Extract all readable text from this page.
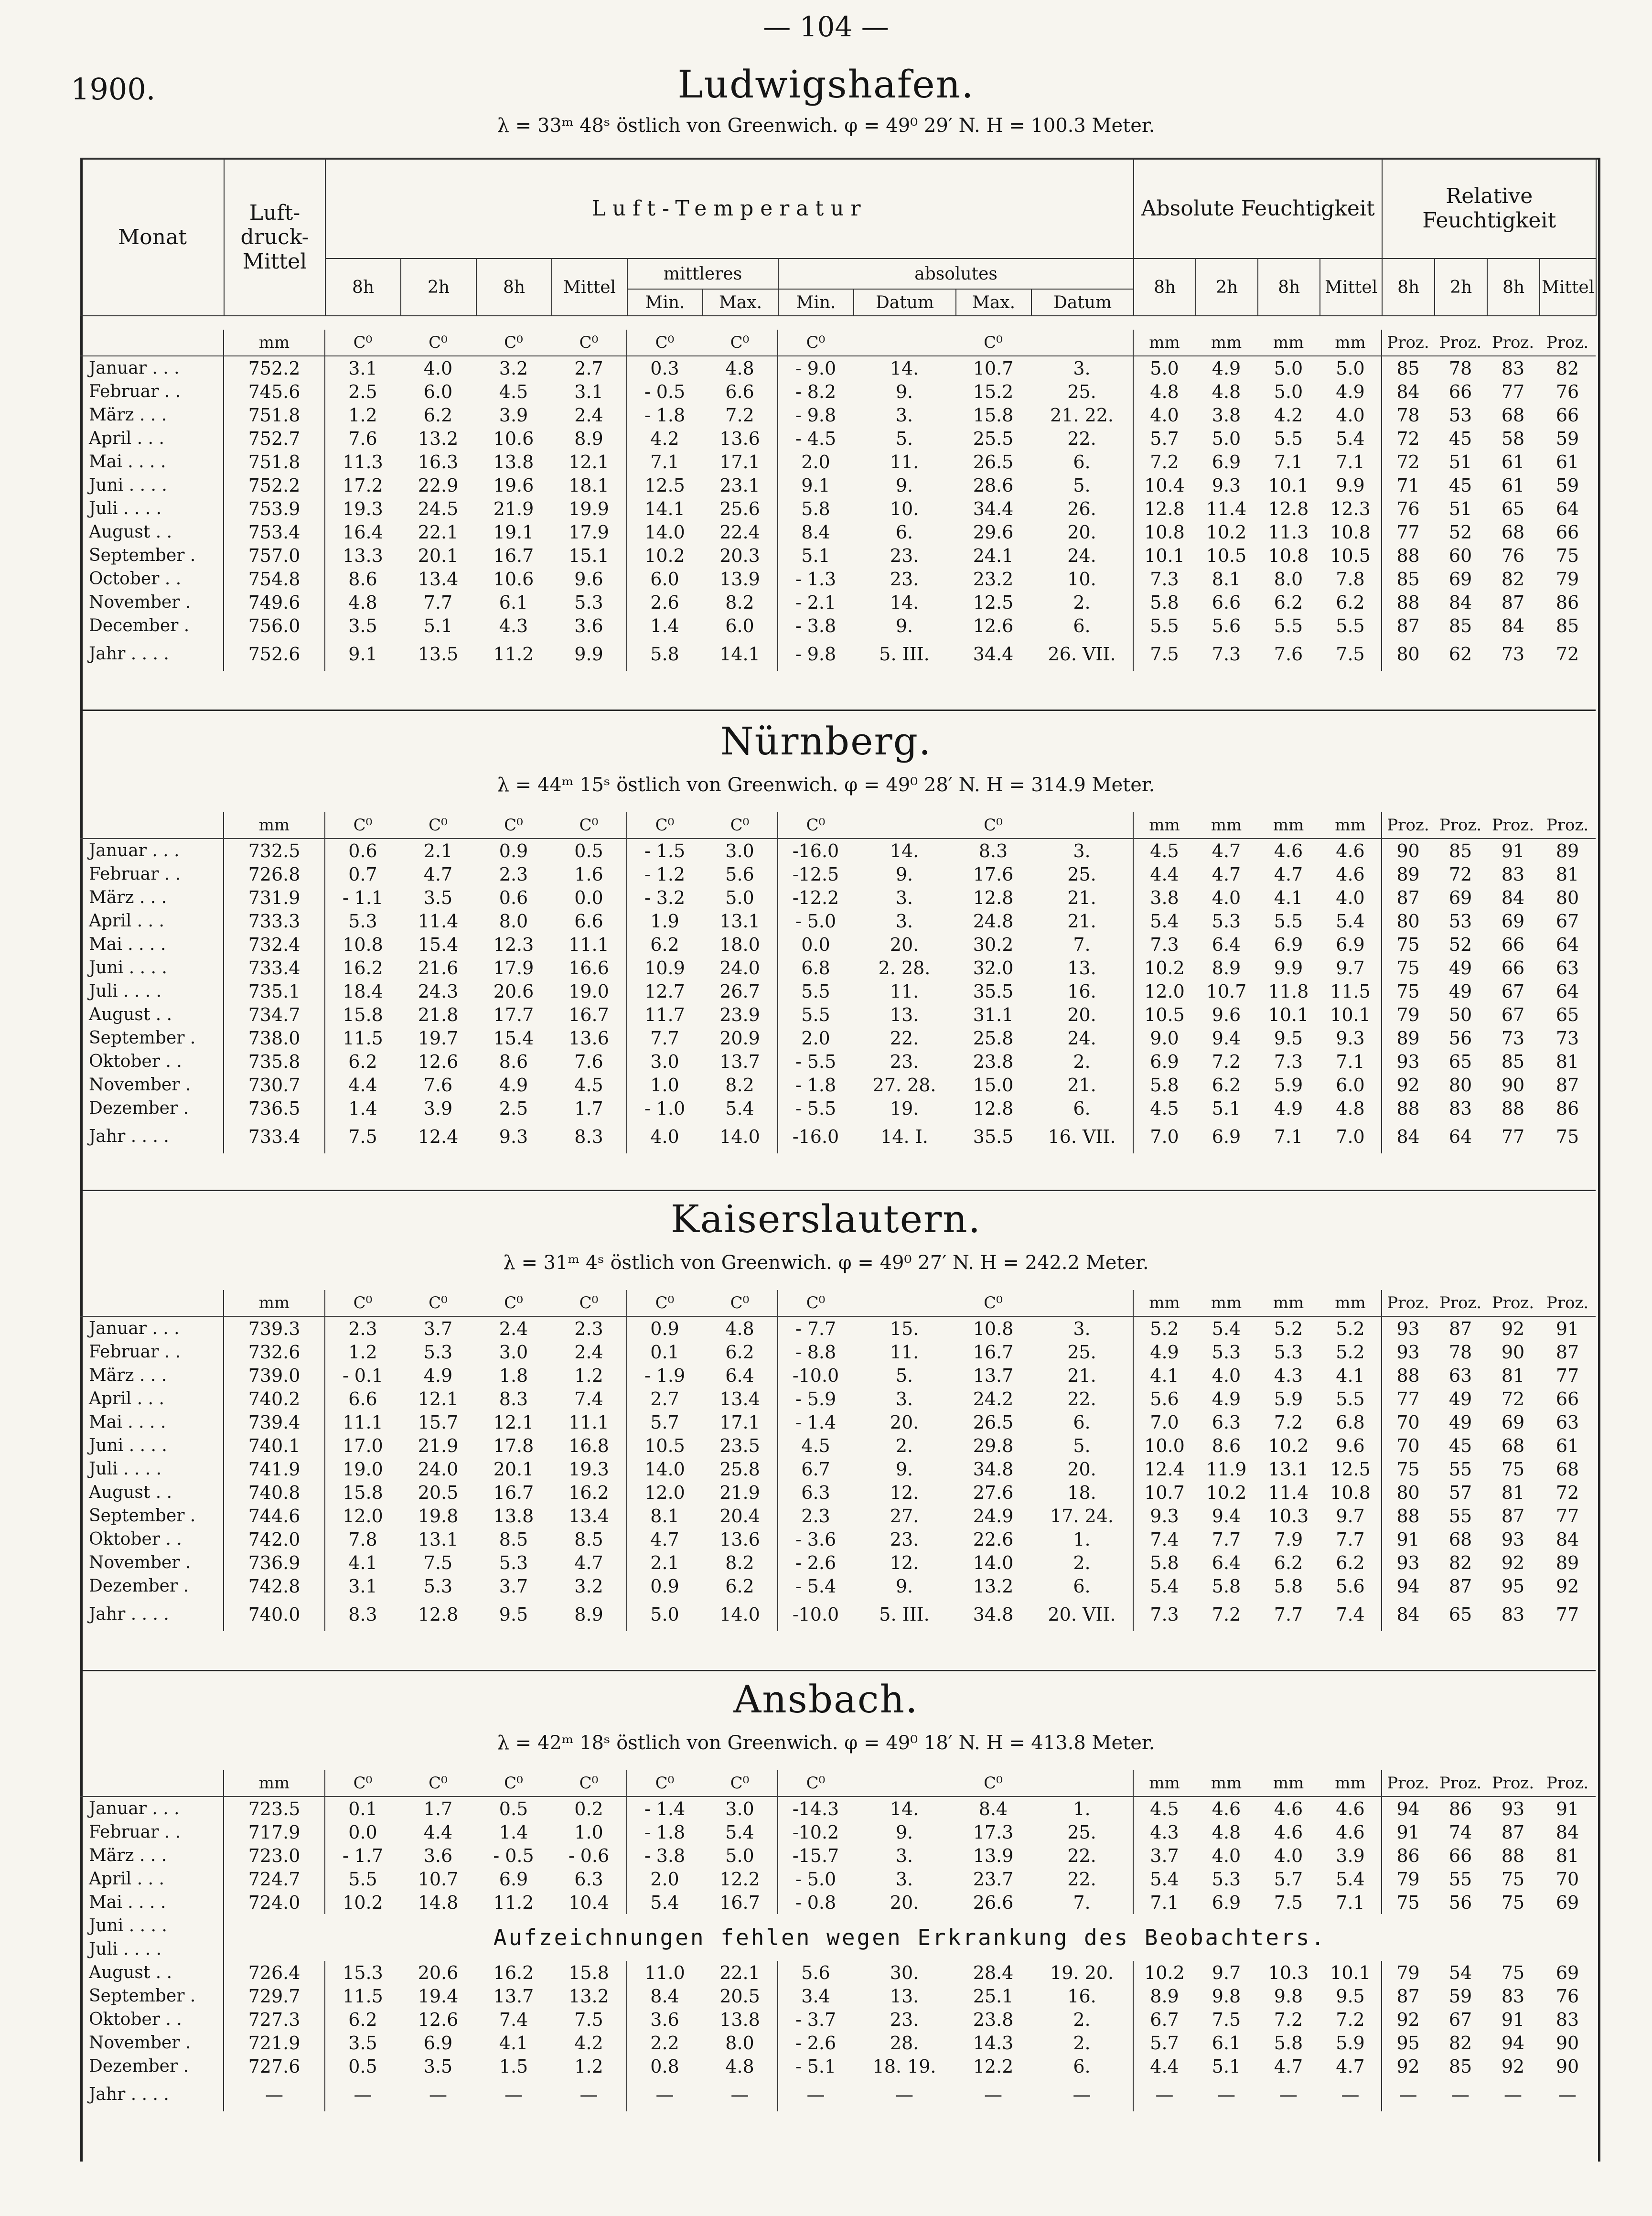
— 104 —
1900.	Ludwigshafen.
λ = 33ᵐ 48ˢ östlich von Greenwich. φ = 49⁰ 29′ N. H = 100.3 Meter.
Monat	Luft-druck-Mittel	Luft-Temperatur										Absolute Feuchtigkeit				Relative Feuchtigkeit			
		8h	2h	8h	Mittel	mittleres		absolutes				8h	2h	8h	Mittel	8h	2h	8h	Mittel
						Min.	Max.	Min.	Datum	Max.	Datum								
	mm	C⁰	C⁰	C⁰	C⁰	C⁰	C⁰	C⁰		C⁰		mm	mm	mm	mm	Proz.	Proz.	Proz.	Proz.
Januar . . .	752.2	3.1	4.0	3.2	2.7	0.3	4.8	- 9.0	14.	10.7	3.	5.0	4.9	5.0	5.0	85	78	83	82
Februar . .	745.6	2.5	6.0	4.5	3.1	- 0.5	6.6	- 8.2	9.	15.2	25.	4.8	4.8	5.0	4.9	84	66	77	76
März . . .	751.8	1.2	6.2	3.9	2.4	- 1.8	7.2	- 9.8	3.	15.8	21. 22.	4.0	3.8	4.2	4.0	78	53	68	66
April . . .	752.7	7.6	13.2	10.6	8.9	4.2	13.6	- 4.5	5.	25.5	22.	5.7	5.0	5.5	5.4	72	45	58	59
Mai . . . .	751.8	11.3	16.3	13.8	12.1	7.1	17.1	2.0	11.	26.5	6.	7.2	6.9	7.1	7.1	72	51	61	61
Juni . . . .	752.2	17.2	22.9	19.6	18.1	12.5	23.1	9.1	9.	28.6	5.	10.4	9.3	10.1	9.9	71	45	61	59
Juli . . . .	753.9	19.3	24.5	21.9	19.9	14.1	25.6	5.8	10.	34.4	26.	12.8	11.4	12.8	12.3	76	51	65	64
August . .	753.4	16.4	22.1	19.1	17.9	14.0	22.4	8.4	6.	29.6	20.	10.8	10.2	11.3	10.8	77	52	68	66
September .	757.0	13.3	20.1	16.7	15.1	10.2	20.3	5.1	23.	24.1	24.	10.1	10.5	10.8	10.5	88	60	76	75
October . .	754.8	8.6	13.4	10.6	9.6	6.0	13.9	- 1.3	23.	23.2	10.	7.3	8.1	8.0	7.8	85	69	82	79
November .	749.6	4.8	7.7	6.1	5.3	2.6	8.2	- 2.1	14.	12.5	2.	5.8	6.6	6.2	6.2	88	84	87	86
December .	756.0	3.5	5.1	4.3	3.6	1.4	6.0	- 3.8	9.	12.6	6.	5.5	5.6	5.5	5.5	87	85	84	85
Jahr . . . .	752.6	9.1	13.5	11.2	9.9	5.8	14.1	- 9.8	5. III.	34.4	26. VII.	7.5	7.3	7.6	7.5	80	62	73	72
Nürnberg.
λ = 44ᵐ 15ˢ östlich von Greenwich. φ = 49⁰ 28′ N. H = 314.9 Meter.
	mm	C⁰	C⁰	C⁰	C⁰	C⁰	C⁰	C⁰		C⁰		mm	mm	mm	mm	Proz.	Proz.	Proz.	Proz.
Januar . . .	732.5	0.6	2.1	0.9	0.5	- 1.5	3.0	-16.0	14.	8.3	3.	4.5	4.7	4.6	4.6	90	85	91	89
Februar . .	726.8	0.7	4.7	2.3	1.6	- 1.2	5.6	-12.5	9.	17.6	25.	4.4	4.7	4.7	4.6	89	72	83	81
März . . .	731.9	- 1.1	3.5	0.6	0.0	- 3.2	5.0	-12.2	3.	12.8	21.	3.8	4.0	4.1	4.0	87	69	84	80
April . . .	733.3	5.3	11.4	8.0	6.6	1.9	13.1	- 5.0	3.	24.8	21.	5.4	5.3	5.5	5.4	80	53	69	67
Mai . . . .	732.4	10.8	15.4	12.3	11.1	6.2	18.0	0.0	20.	30.2	7.	7.3	6.4	6.9	6.9	75	52	66	64
Juni . . . .	733.4	16.2	21.6	17.9	16.6	10.9	24.0	6.8	2. 28.	32.0	13.	10.2	8.9	9.9	9.7	75	49	66	63
Juli . . . .	735.1	18.4	24.3	20.6	19.0	12.7	26.7	5.5	11.	35.5	16.	12.0	10.7	11.8	11.5	75	49	67	64
August . .	734.7	15.8	21.8	17.7	16.7	11.7	23.9	5.5	13.	31.1	20.	10.5	9.6	10.1	10.1	79	50	67	65
September .	738.0	11.5	19.7	15.4	13.6	7.7	20.9	2.0	22.	25.8	24.	9.0	9.4	9.5	9.3	89	56	73	73
Oktober . .	735.8	6.2	12.6	8.6	7.6	3.0	13.7	- 5.5	23.	23.8	2.	6.9	7.2	7.3	7.1	93	65	85	81
November .	730.7	4.4	7.6	4.9	4.5	1.0	8.2	- 1.8	27. 28.	15.0	21.	5.8	6.2	5.9	6.0	92	80	90	87
Dezember .	736.5	1.4	3.9	2.5	1.7	- 1.0	5.4	- 5.5	19.	12.8	6.	4.5	5.1	4.9	4.8	88	83	88	86
Jahr . . . .	733.4	7.5	12.4	9.3	8.3	4.0	14.0	-16.0	14. I.	35.5	16. VII.	7.0	6.9	7.1	7.0	84	64	77	75
Kaiserslautern.
λ = 31ᵐ 4ˢ östlich von Greenwich. φ = 49⁰ 27′ N. H = 242.2 Meter.
	mm	C⁰	C⁰	C⁰	C⁰	C⁰	C⁰	C⁰		C⁰		mm	mm	mm	mm	Proz.	Proz.	Proz.	Proz.
Januar . . .	739.3	2.3	3.7	2.4	2.3	0.9	4.8	- 7.7	15.	10.8	3.	5.2	5.4	5.2	5.2	93	87	92	91
Februar . .	732.6	1.2	5.3	3.0	2.4	0.1	6.2	- 8.8	11.	16.7	25.	4.9	5.3	5.3	5.2	93	78	90	87
März . . .	739.0	- 0.1	4.9	1.8	1.2	- 1.9	6.4	-10.0	5.	13.7	21.	4.1	4.0	4.3	4.1	88	63	81	77
April . . .	740.2	6.6	12.1	8.3	7.4	2.7	13.4	- 5.9	3.	24.2	22.	5.6	4.9	5.9	5.5	77	49	72	66
Mai . . . .	739.4	11.1	15.7	12.1	11.1	5.7	17.1	- 1.4	20.	26.5	6.	7.0	6.3	7.2	6.8	70	49	69	63
Juni . . . .	740.1	17.0	21.9	17.8	16.8	10.5	23.5	4.5	2.	29.8	5.	10.0	8.6	10.2	9.6	70	45	68	61
Juli . . . .	741.9	19.0	24.0	20.1	19.3	14.0	25.8	6.7	9.	34.8	20.	12.4	11.9	13.1	12.5	75	55	75	68
August . .	740.8	15.8	20.5	16.7	16.2	12.0	21.9	6.3	12.	27.6	18.	10.7	10.2	11.4	10.8	80	57	81	72
September .	744.6	12.0	19.8	13.8	13.4	8.1	20.4	2.3	27.	24.9	17. 24.	9.3	9.4	10.3	9.7	88	55	87	77
Oktober . .	742.0	7.8	13.1	8.5	8.5	4.7	13.6	- 3.6	23.	22.6	1.	7.4	7.7	7.9	7.7	91	68	93	84
November .	736.9	4.1	7.5	5.3	4.7	2.1	8.2	- 2.6	12.	14.0	2.	5.8	6.4	6.2	6.2	93	82	92	89
Dezember .	742.8	3.1	5.3	3.7	3.2	0.9	6.2	- 5.4	9.	13.2	6.	5.4	5.8	5.8	5.6	94	87	95	92
Jahr . . . .	740.0	8.3	12.8	9.5	8.9	5.0	14.0	-10.0	5. III.	34.8	20. VII.	7.3	7.2	7.7	7.4	84	65	83	77
Ansbach.
λ = 42ᵐ 18ˢ östlich von Greenwich. φ = 49⁰ 18′ N. H = 413.8 Meter.
	mm	C⁰	C⁰	C⁰	C⁰	C⁰	C⁰	C⁰		C⁰		mm	mm	mm	mm	Proz.	Proz.	Proz.	Proz.
Januar . . .	723.5	0.1	1.7	0.5	0.2	- 1.4	3.0	-14.3	14.	8.4	1.	4.5	4.6	4.6	4.6	94	86	93	91
Februar . .	717.9	0.0	4.4	1.4	1.0	- 1.8	5.4	-10.2	9.	17.3	25.	4.3	4.8	4.6	4.6	91	74	87	84
März . . .	723.0	- 1.7	3.6	- 0.5	- 0.6	- 3.8	5.0	-15.7	3.	13.9	22.	3.7	4.0	4.0	3.9	86	66	88	81
April . . .	724.7	5.5	10.7	6.9	6.3	2.0	12.2	- 5.0	3.	23.7	22.	5.4	5.3	5.7	5.4	79	55	75	70
Mai . . . .	724.0	10.2	14.8	11.2	10.4	5.4	16.7	- 0.8	20.	26.6	7.	7.1	6.9	7.5	7.1	75	56	75	69
Juni . . . .	Aufzeichnungen fehlen wegen Erkrankung des Beobachters.																		
Juli . . . .																			
August . .	726.4	15.3	20.6	16.2	15.8	11.0	22.1	5.6	30.	28.4	19. 20.	10.2	9.7	10.3	10.1	79	54	75	69
September .	729.7	11.5	19.4	13.7	13.2	8.4	20.5	3.4	13.	25.1	16.	8.9	9.8	9.8	9.5	87	59	83	76
Oktober . .	727.3	6.2	12.6	7.4	7.5	3.6	13.8	- 3.7	23.	23.8	2.	6.7	7.5	7.2	7.2	92	67	91	83
November .	721.9	3.5	6.9	4.1	4.2	2.2	8.0	- 2.6	28.	14.3	2.	5.7	6.1	5.8	5.9	95	82	94	90
Dezember .	727.6	0.5	3.5	1.5	1.2	0.8	4.8	- 5.1	18. 19.	12.2	6.	4.4	5.1	4.7	4.7	92	85	92	90
Jahr . . . .	—	—	—	—	—	—	—	—	—	—	—	—	—	—	—	—	—	—	—
